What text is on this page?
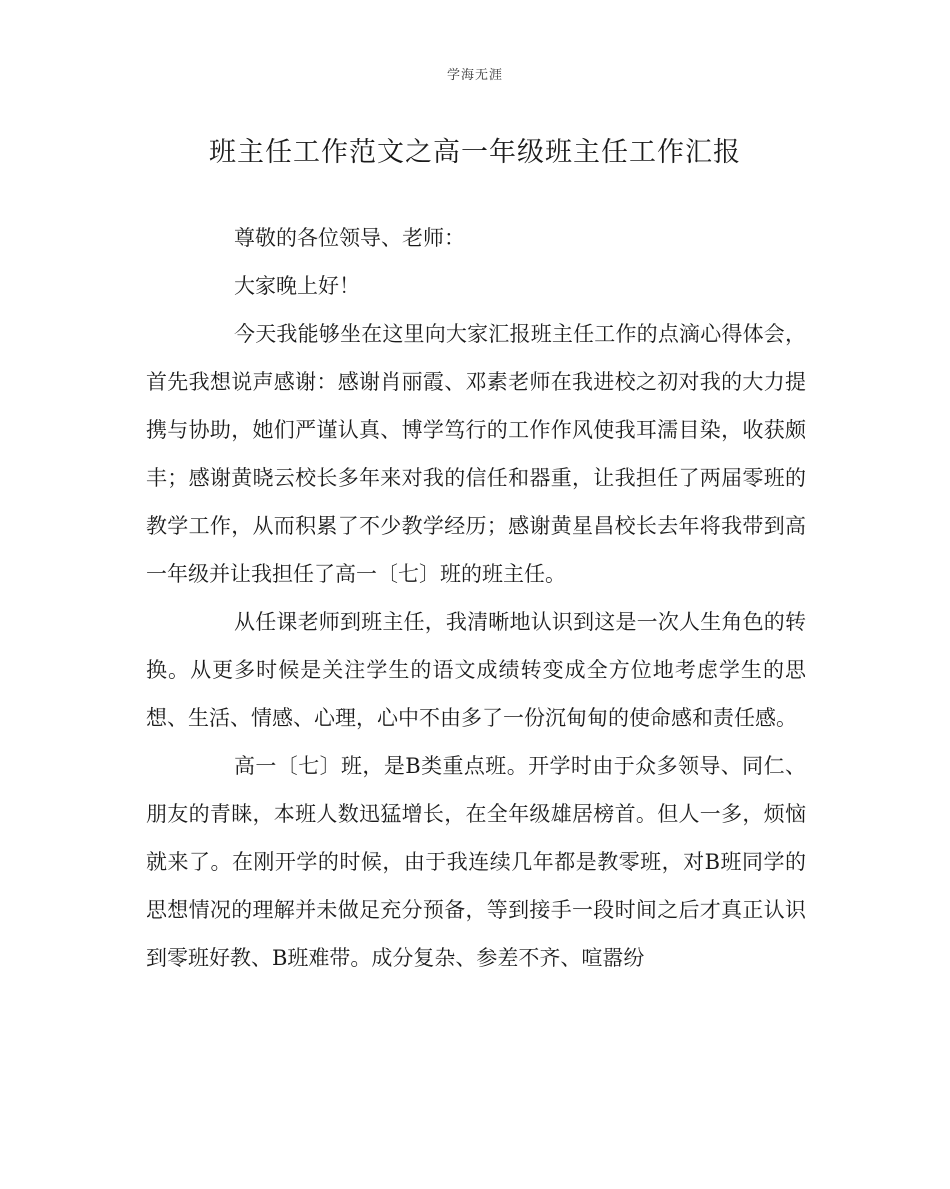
学海无涯
班主任工作范文之高一年级班主任工作汇报

尊敬的各位领导、老师：

大家晚上好！

今天我能够坐在这里向大家汇报班主任工作的点滴心得体会，首先我想说声感谢：感谢肖丽霞、邓素老师在我进校之初对我的大力提携与协助，她们严谨认真、博学笃行的工作作风使我耳濡目染，收获颇丰；感谢黄晓云校长多年来对我的信任和器重，让我担任了两届零班的教学工作，从而积累了不少教学经历；感谢黄星昌校长去年将我带到高一年级并让我担任了高一〔七〕班的班主任。

从任课老师到班主任，我清晰地认识到这是一次人生角色的转换。从更多时候是关注学生的语文成绩转变成全方位地考虑学生的思想、生活、情感、心理，心中不由多了一份沉甸甸的使命感和责任感。

高一〔七〕班，是B类重点班。开学时由于众多领导、同仁、朋友的青睐，本班人数迅猛增长，在全年级雄居榜首。但人一多，烦恼就来了。在刚开学的时候，由于我连续几年都是教零班，对B班同学的思想情况的理解并未做足充分预备，等到接手一段时间之后才真正认识到零班好教、B班难带。成分复杂、参差不齐、喧嚣纷
